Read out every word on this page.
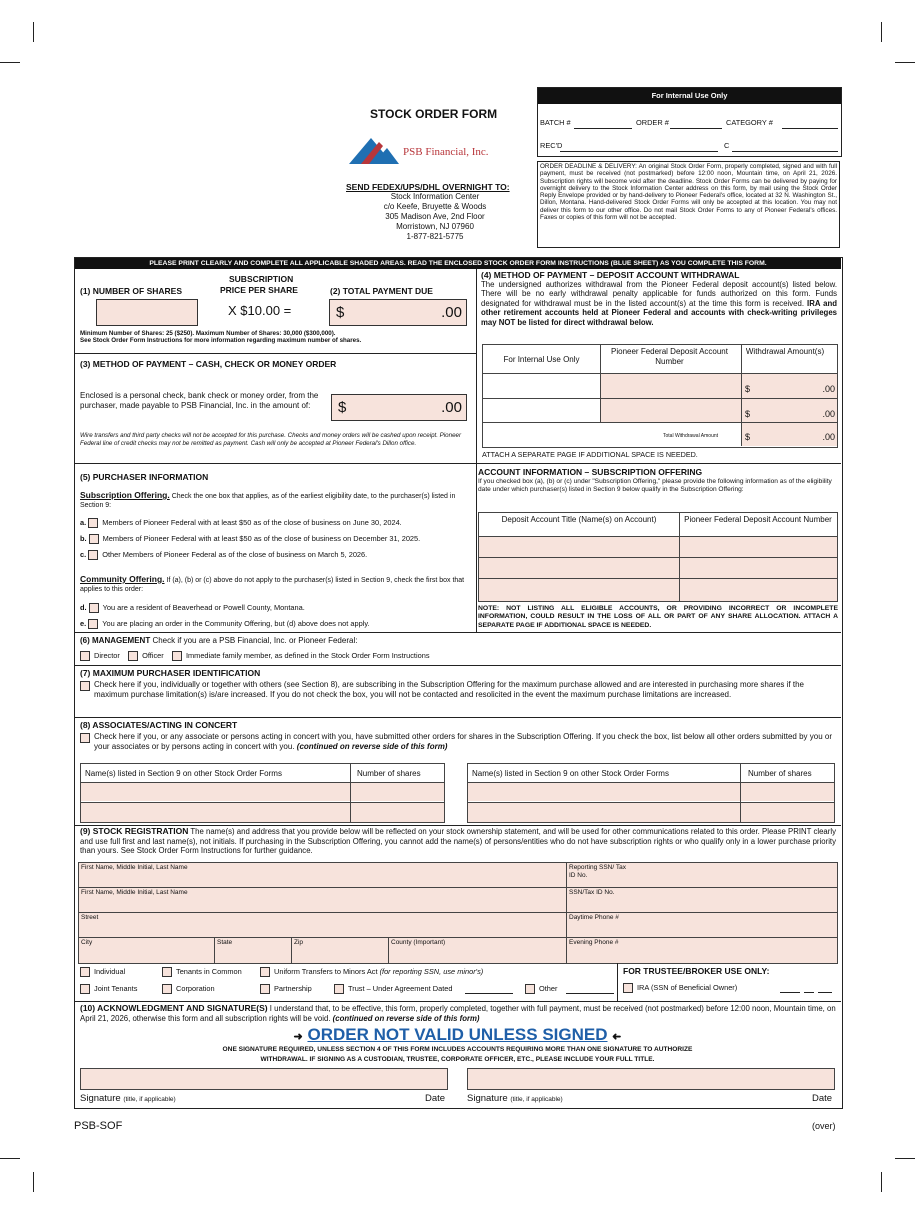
STOCK ORDER FORM
PSB Financial, Inc.
SEND FEDEX/UPS/DHL OVERNIGHT TO:
Stock Information Center
c/o Keefe, Bruyette & Woods
305 Madison Ave, 2nd Floor
Morristown, NJ 07960
1-877-821-5775
For Internal Use Only
BATCH #	ORDER #	CATEGORY #
REC'D	C
ORDER DEADLINE & DELIVERY: An original Stock Order Form, properly completed, signed and with full payment, must be received (not postmarked) before 12:00 noon, Mountain time, on April 21, 2026. Subscription rights will become void after the deadline. Stock Order Forms can be delivered by paying for overnight delivery to the Stock Information Center address on this form, by mail using the Stock Order Reply Envelope provided or by hand-delivery to Pioneer Federal's office, located at 32 N. Washington St., Dillon, Montana. Hand-delivered Stock Order Forms will only be accepted at this location. You may not deliver this form to our other office. Do not mail Stock Order Forms to any of Pioneer Federal's offices. Faxes or copies of this form will not be accepted.
PLEASE PRINT CLEARLY AND COMPLETE ALL APPLICABLE SHADED AREAS. READ THE ENCLOSED STOCK ORDER FORM INSTRUCTIONS (BLUE SHEET) AS YOU COMPLETE THIS FORM.
SUBSCRIPTION
(1) NUMBER OF SHARES	PRICE PER SHARE	(2) TOTAL PAYMENT DUE
X $10.00 =	$	.00
Minimum Number of Shares: 25 ($250). Maximum Number of Shares: 30,000 ($300,000).
See Stock Order Form Instructions for more information regarding maximum number of shares.
(3) METHOD OF PAYMENT – CASH, CHECK OR MONEY ORDER
Enclosed is a personal check, bank check or money order, from the purchaser, made payable to PSB Financial, Inc. in the amount of:	$	.00
Wire transfers and third party checks will not be accepted for this purchase. Checks and money orders will be cashed upon receipt. Pioneer Federal line of credit checks may not be remitted as payment. Cash will only be accepted at Pioneer Federal's Dillon office.
(4) METHOD OF PAYMENT – DEPOSIT ACCOUNT WITHDRAWAL
The undersigned authorizes withdrawal from the Pioneer Federal deposit account(s) listed below. There will be no early withdrawal penalty applicable for funds authorized on this form. Funds designated for withdrawal must be in the listed account(s) at the time this form is received. IRA and other retirement accounts held at Pioneer Federal and accounts with check-writing privileges may NOT be listed for direct withdrawal below.
For Internal Use Only
Pioneer Federal Deposit Account Number
Withdrawal Amount(s)
$	.00
$	.00
Total Withdrawal Amount	$	.00
ATTACH A SEPARATE PAGE IF ADDITIONAL SPACE IS NEEDED.
(5) PURCHASER INFORMATION
Subscription Offering. Check the one box that applies, as of the earliest eligibility date, to the purchaser(s) listed in Section 9:
a. Members of Pioneer Federal with at least $50 as of the close of business on June 30, 2024.
b. Members of Pioneer Federal with at least $50 as of the close of business on December 31, 2025.
c. Other Members of Pioneer Federal as of the close of business on March 5, 2026.
Community Offering. If (a), (b) or (c) above do not apply to the purchaser(s) listed in Section 9, check the first box that applies to this order:
d. You are a resident of Beaverhead or Powell County, Montana.
e. You are placing an order in the Community Offering, but (d) above does not apply.
ACCOUNT INFORMATION – SUBSCRIPTION OFFERING
If you checked box (a), (b) or (c) under "Subscription Offering," please provide the following information as of the eligibility date under which purchaser(s) listed in Section 9 below qualify in the Subscription Offering:
Deposit Account Title (Name(s) on Account)	Pioneer Federal Deposit Account Number
NOTE: NOT LISTING ALL ELIGIBLE ACCOUNTS, OR PROVIDING INCORRECT OR INCOMPLETE INFORMATION, COULD RESULT IN THE LOSS OF ALL OR PART OF ANY SHARE ALLOCATION. ATTACH A SEPARATE PAGE IF ADDITIONAL SPACE IS NEEDED.
(6) MANAGEMENT Check if you are a PSB Financial, Inc. or Pioneer Federal:
Director	Officer	Immediate family member, as defined in the Stock Order Form Instructions
(7) MAXIMUM PURCHASER IDENTIFICATION
Check here if you, individually or together with others (see Section 8), are subscribing in the Subscription Offering for the maximum purchase allowed and are interested in purchasing more shares if the maximum purchase limitation(s) is/are increased. If you do not check the box, you will not be contacted and resolicited in the event the maximum purchase limitations are increased.
(8) ASSOCIATES/ACTING IN CONCERT
Check here if you, or any associate or persons acting in concert with you, have submitted other orders for shares in the Subscription Offering. If you check the box, list below all other orders submitted by you or your associates or by persons acting in concert with you. (continued on reverse side of this form)
Name(s) listed in Section 9 on other Stock Order Forms	Number of shares	Name(s) listed in Section 9 on other Stock Order Forms	Number of shares
(9) STOCK REGISTRATION The name(s) and address that you provide below will be reflected on your stock ownership statement, and will be used for other communications related to this order. Please PRINT clearly and use full first and last name(s), not initials. If purchasing in the Subscription Offering, you cannot add the name(s) of persons/entities who do not have subscription rights or who qualify only in a lower purchase priority than yours. See Stock Order Form Instructions for further guidance.
First Name, Middle Initial, Last Name	Reporting SSN/ Tax ID No.
First Name, Middle Initial, Last Name	SSN/Tax ID No.
Street	Daytime Phone #
City	State	Zip	County (Important)	Evening Phone #
Individual	Tenants in Common	Uniform Transfers to Minors Act (for reporting SSN, use minor's)
Joint Tenants	Corporation	Partnership	Trust – Under Agreement Dated	Other
FOR TRUSTEE/BROKER USE ONLY:
IRA (SSN of Beneficial Owner)
(10) ACKNOWLEDGMENT AND SIGNATURE(S) I understand that, to be effective, this form, properly completed, together with full payment, must be received (not postmarked) before 12:00 noon, Mountain time, on April 21, 2026, otherwise this form and all subscription rights will be void. (continued on reverse side of this form)
➜ ORDER NOT VALID UNLESS SIGNED ➜
ONE SIGNATURE REQUIRED, UNLESS SECTION 4 OF THIS FORM INCLUDES ACCOUNTS REQUIRING MORE THAN ONE SIGNATURE TO AUTHORIZE
WITHDRAWAL. IF SIGNING AS A CUSTODIAN, TRUSTEE, CORPORATE OFFICER, ETC., PLEASE INCLUDE YOUR FULL TITLE.
Signature (title, if applicable)	Date Signature (title, if applicable)	Date
PSB-SOF	(over)
